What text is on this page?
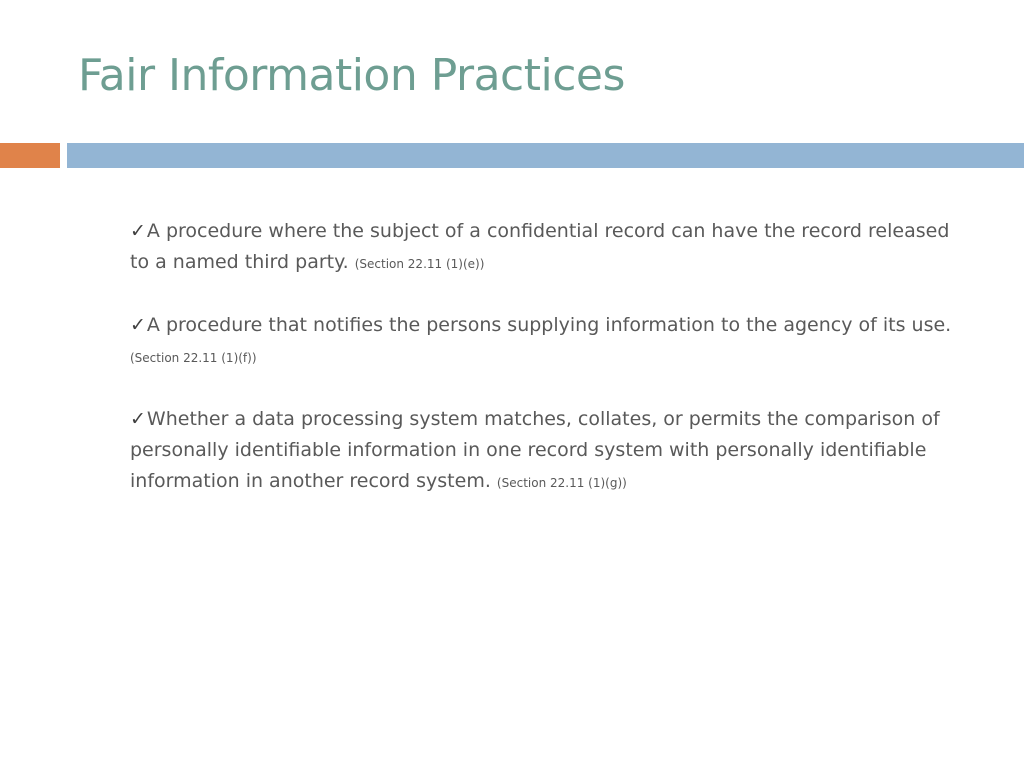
Fair Information Practices

✓A procedure where the subject of a confidential record can have the record released to a named third party. (Section 22.11 (1)(e))

✓A procedure that notifies the persons supplying information to the agency of its use. (Section 22.11 (1)(f))

✓Whether a data processing system matches, collates, or permits the comparison of personally identifiable information in one record system with personally identifiable information in another record system. (Section 22.11 (1)(g))
